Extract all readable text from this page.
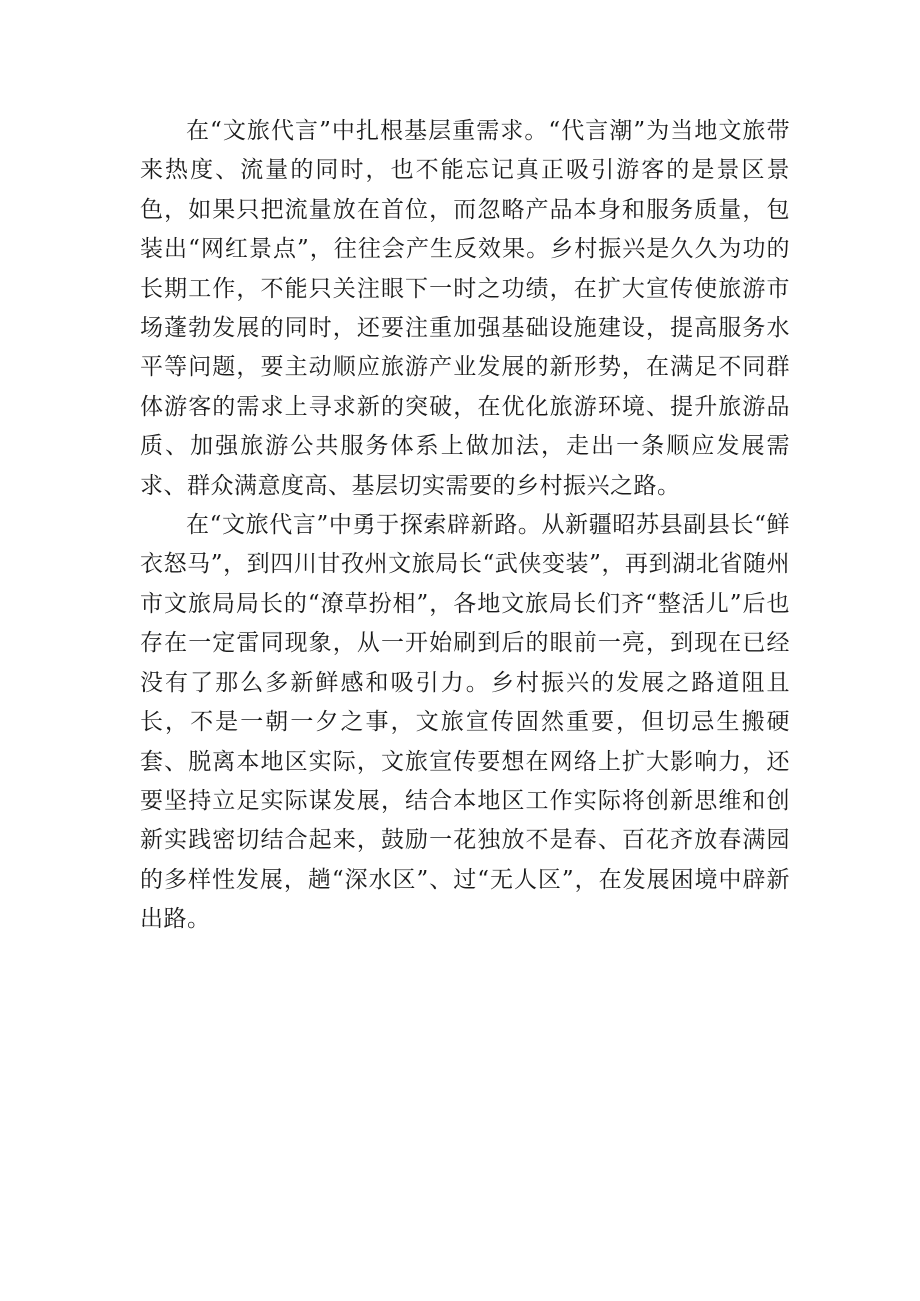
在“文旅代言”中扎根基层重需求。“代言潮”为当地文旅带来热度、流量的同时，也不能忘记真正吸引游客的是景区景色，如果只把流量放在首位，而忽略产品本身和服务质量，包装出“网红景点”，往往会产生反效果。乡村振兴是久久为功的长期工作，不能只关注眼下一时之功绩，在扩大宣传使旅游市场蓬勃发展的同时，还要注重加强基础设施建设，提高服务水平等问题，要主动顺应旅游产业发展的新形势，在满足不同群体游客的需求上寻求新的突破，在优化旅游环境、提升旅游品质、加强旅游公共服务体系上做加法，走出一条顺应发展需求、群众满意度高、基层切实需要的乡村振兴之路。

在“文旅代言”中勇于探索辟新路。从新疆昭苏县副县长“鲜衣怒马”，到四川甘孜州文旅局长“武侠变装”，再到湖北省随州市文旅局局长的“潦草扮相”，各地文旅局长们齐“整活儿”后也存在一定雷同现象，从一开始刷到后的眼前一亮，到现在已经没有了那么多新鲜感和吸引力。乡村振兴的发展之路道阻且长，不是一朝一夕之事，文旅宣传固然重要，但切忌生搬硬套、脱离本地区实际，文旅宣传要想在网络上扩大影响力，还要坚持立足实际谋发展，结合本地区工作实际将创新思维和创新实践密切结合起来，鼓励一花独放不是春、百花齐放春满园的多样性发展，趟“深水区”、过“无人区”，在发展困境中辟新出路。
